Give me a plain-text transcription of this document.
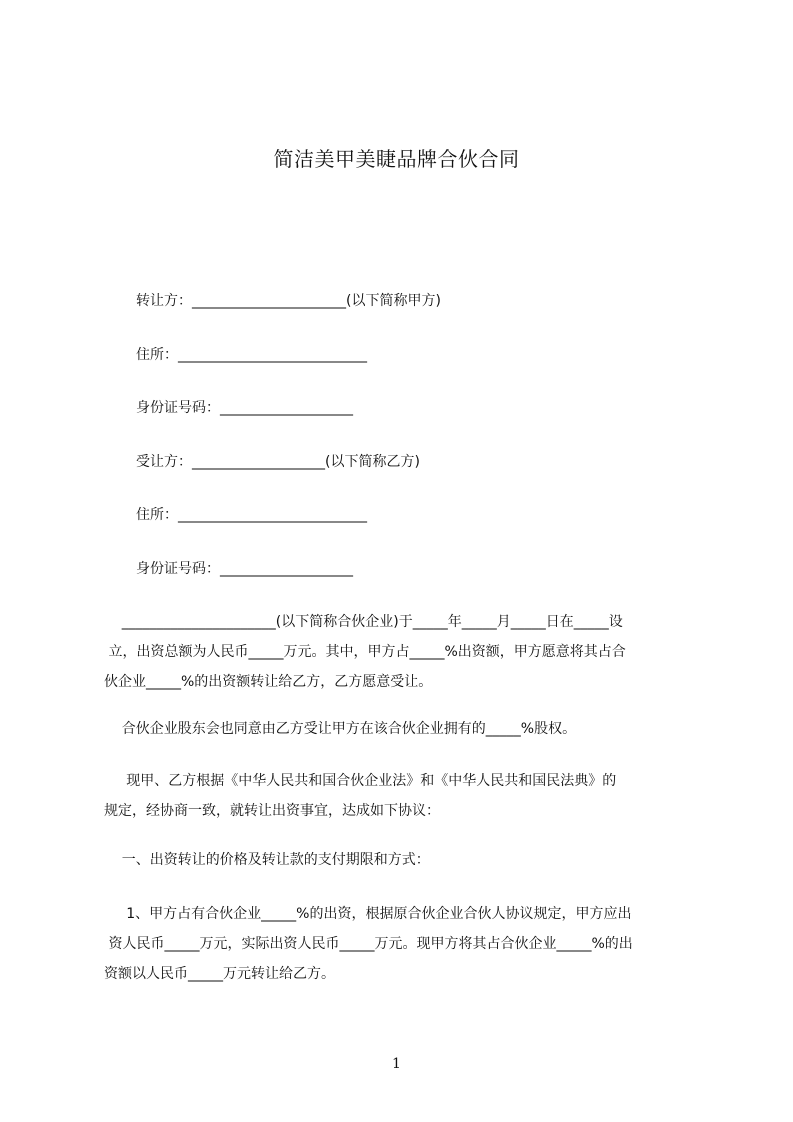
简洁美甲美睫品牌合伙合同
转让方：______________________(以下简称甲方)
住所：___________________________
身份证号码：___________________
受让方：___________________(以下简称乙方)
住所：___________________________
身份证号码：___________________
______________________(以下简称合伙企业)于_____年_____月_____日在_____设
立，出资总额为人民币_____万元。其中，甲方占_____%出资额，甲方愿意将其占合
伙企业_____%的出资额转让给乙方，乙方愿意受让。
合伙企业股东会也同意由乙方受让甲方在该合伙企业拥有的_____%股权。
现甲、乙方根据《中华人民共和国合伙企业法》和《中华人民共和国民法典》的
规定，经协商一致，就转让出资事宜，达成如下协议：
一、出资转让的价格及转让款的支付期限和方式：
1、甲方占有合伙企业_____%的出资，根据原合伙企业合伙人协议规定，甲方应出
资人民币_____万元，实际出资人民币_____万元。现甲方将其占合伙企业_____%的出
资额以人民币_____万元转让给乙方。
1
